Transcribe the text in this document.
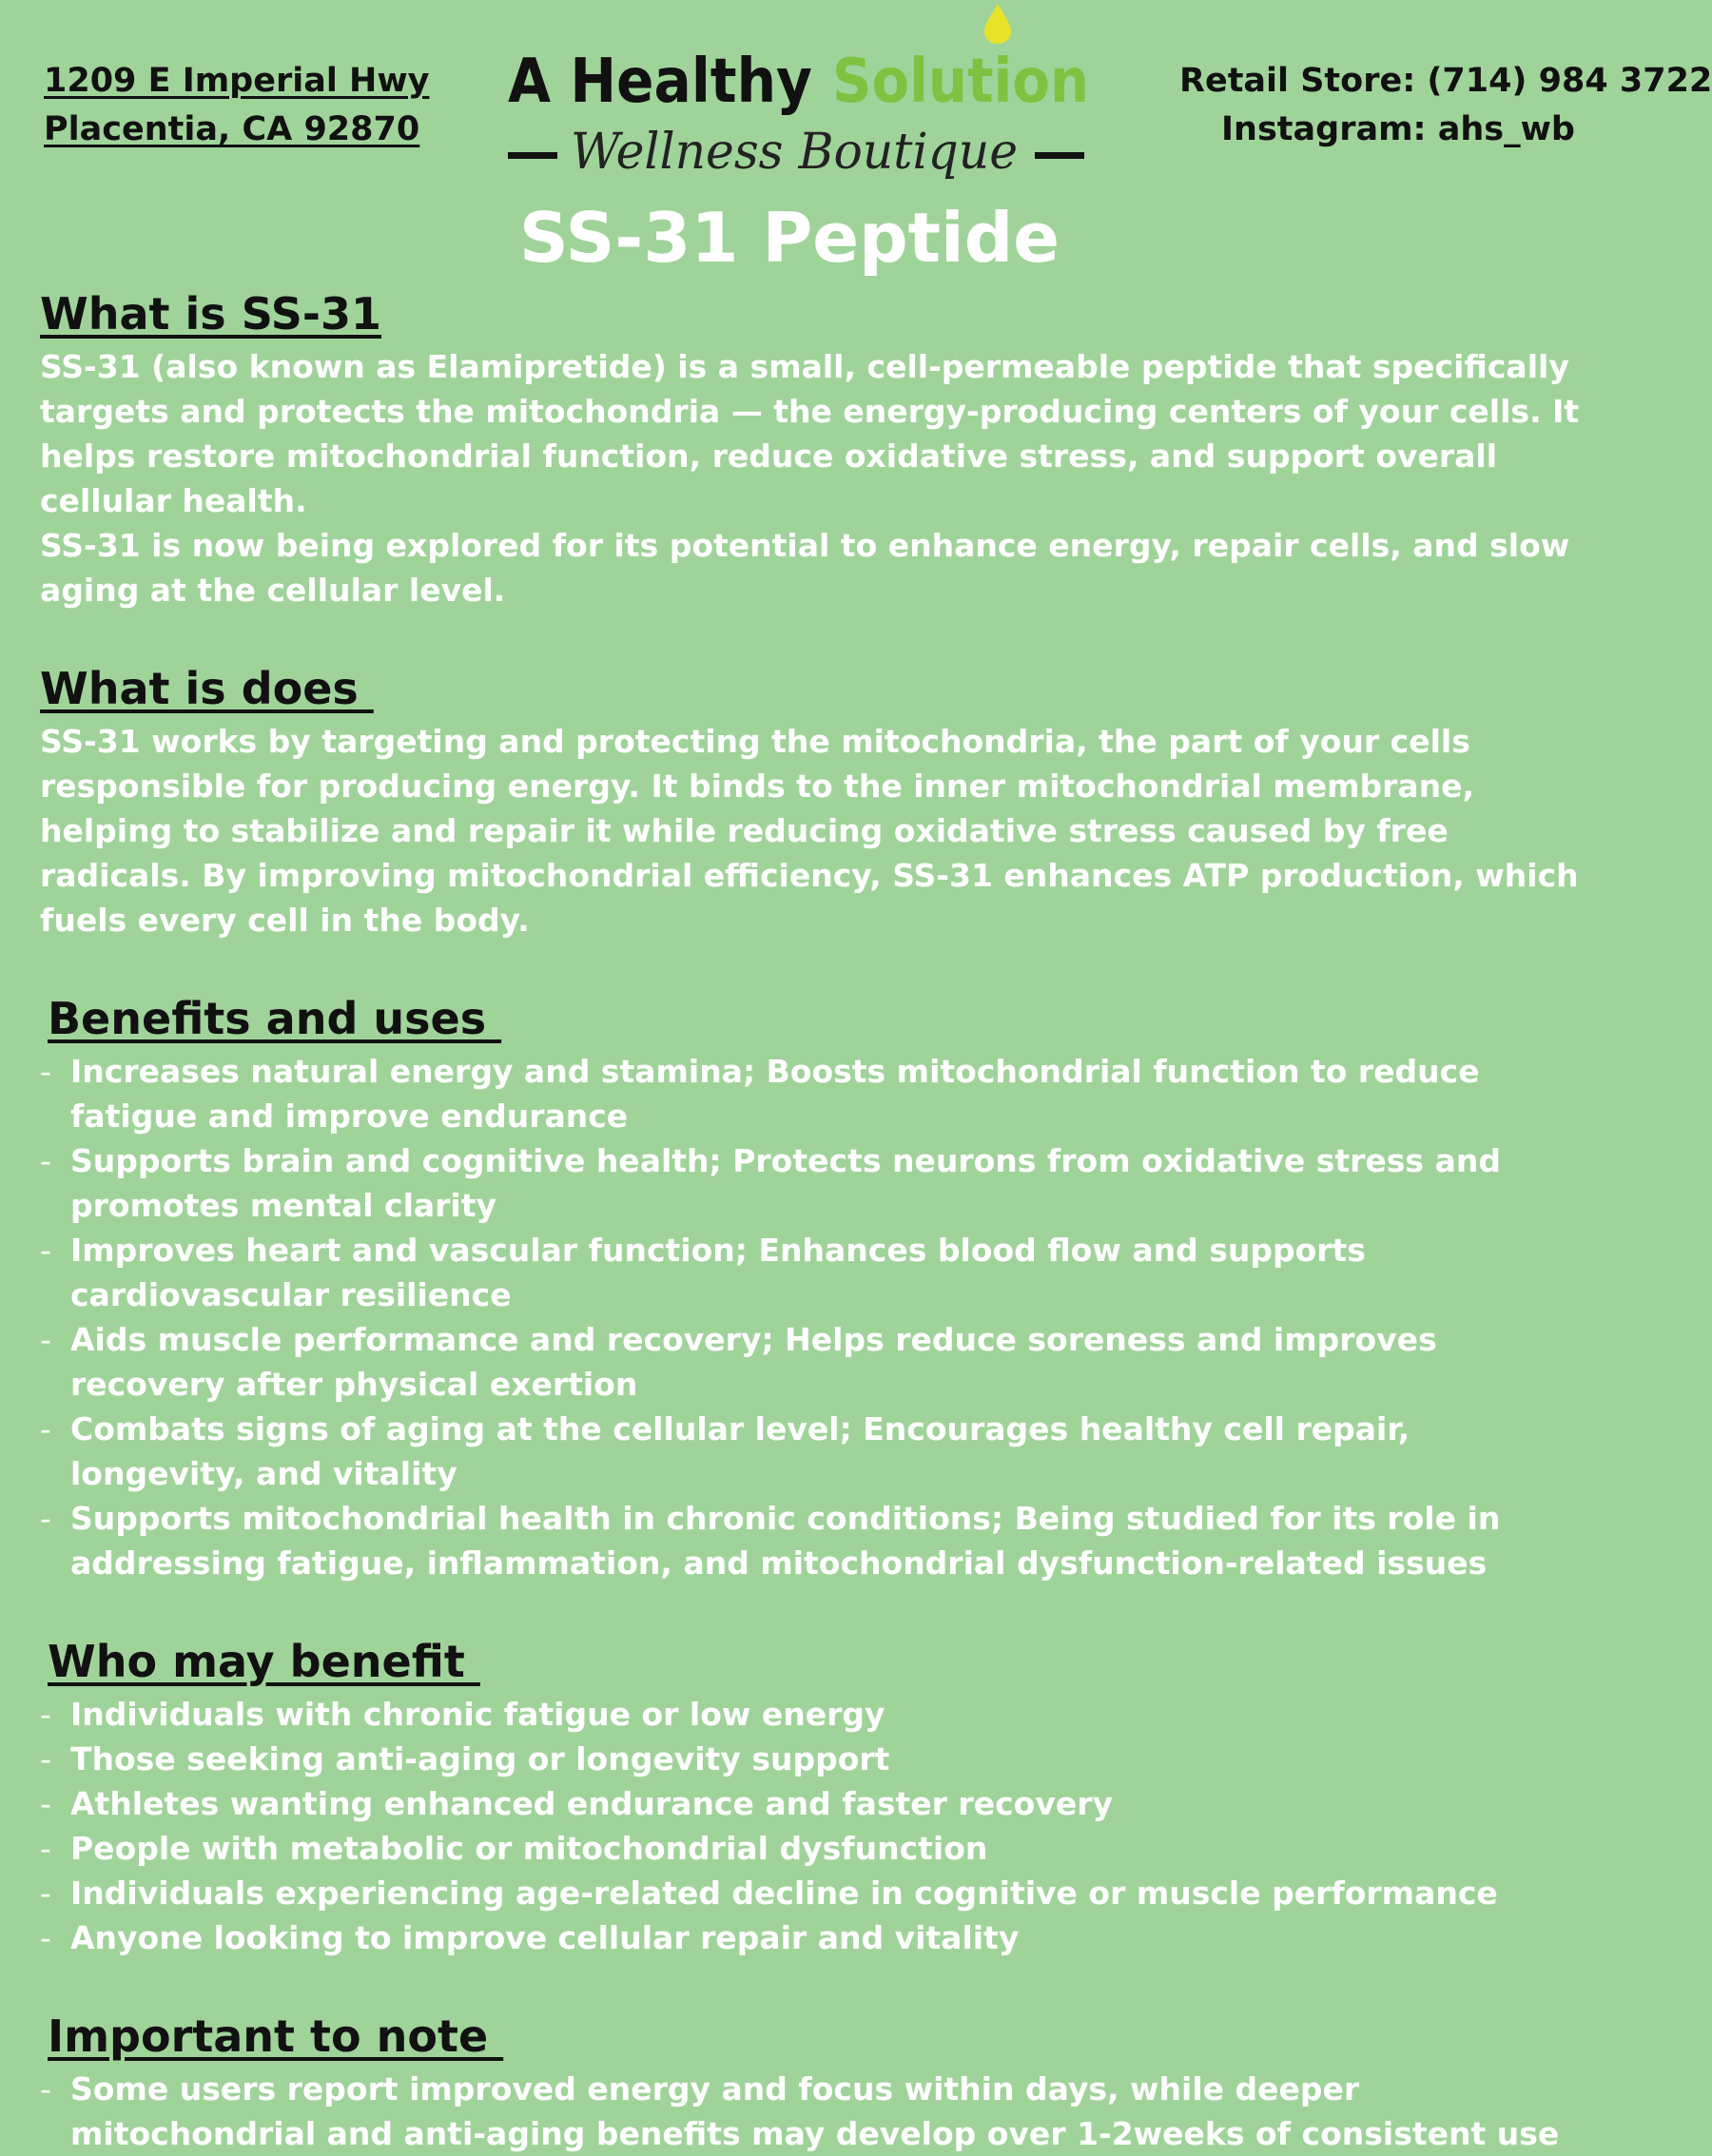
1209 E Imperial Hwy
Placentia, CA 92870
A Healthy Solution
Wellness Boutique
Retail Store: (714) 984 3722
Instagram: ahs_wb
SS-31 Peptide
What is SS-31

SS-31 (also known as Elamipretide) is a small, cell-permeable peptide that specifically targets and protects the mitochondria — the energy-producing centers of your cells. It helps restore mitochondrial function, reduce oxidative stress, and support overall cellular health.

SS-31 is now being explored for its potential to enhance energy, repair cells, and slow aging at the cellular level.

What is does

SS-31 works by targeting and protecting the mitochondria, the part of your cells responsible for producing energy. It binds to the inner mitochondrial membrane, helping to stabilize and repair it while reducing oxidative stress caused by free radicals. By improving mitochondrial efficiency, SS-31 enhances ATP production, which fuels every cell in the body.

Benefits and uses
- Increases natural energy and stamina; Boosts mitochondrial function to reduce fatigue and improve endurance
- Supports brain and cognitive health; Protects neurons from oxidative stress and promotes mental clarity
- Improves heart and vascular function; Enhances blood flow and supports cardiovascular resilience
- Aids muscle performance and recovery; Helps reduce soreness and improves recovery after physical exertion
- Combats signs of aging at the cellular level; Encourages healthy cell repair, longevity, and vitality
- Supports mitochondrial health in chronic conditions; Being studied for its role in addressing fatigue, inflammation, and mitochondrial dysfunction-related issues
Who may benefit
- Individuals with chronic fatigue or low energy
- Those seeking anti-aging or longevity support
- Athletes wanting enhanced endurance and faster recovery
- People with metabolic or mitochondrial dysfunction
- Individuals experiencing age-related decline in cognitive or muscle performance
- Anyone looking to improve cellular repair and vitality
Important to note
- Some users report improved energy and focus within days, while deeper mitochondrial and anti-aging benefits may develop over 1-2weeks of consistent use
